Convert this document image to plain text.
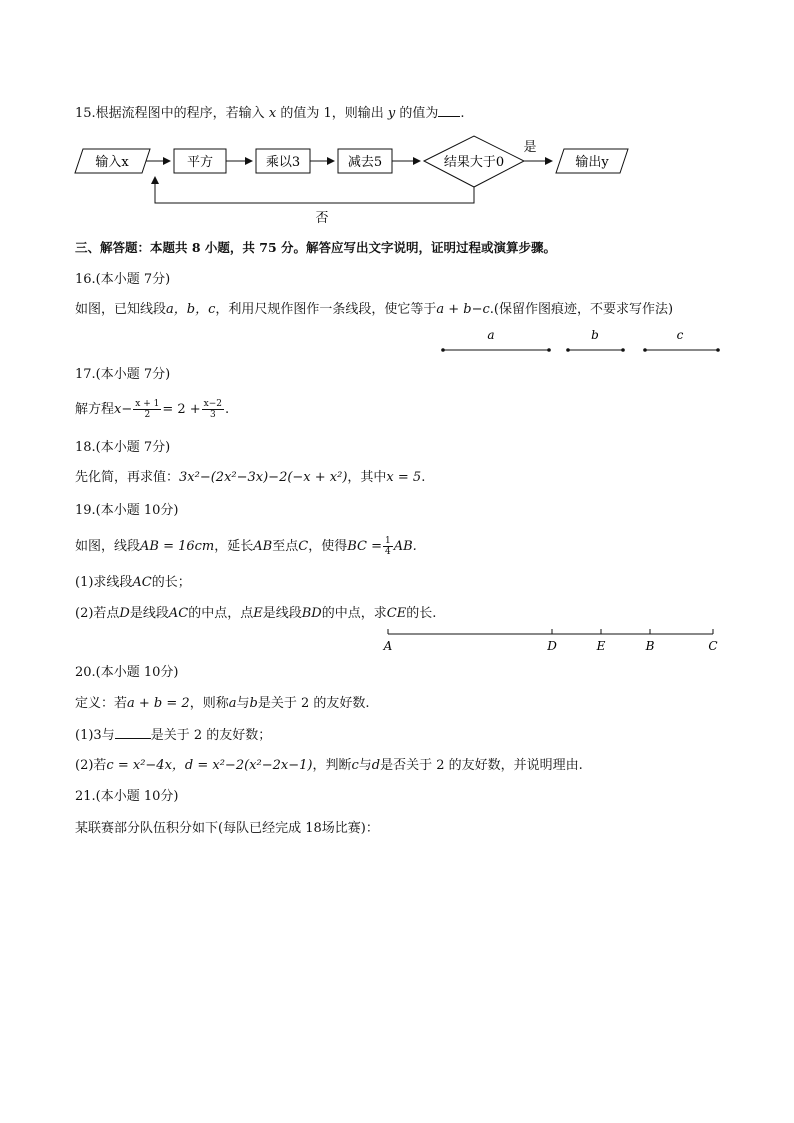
15.根据流程图中的程序，若输入 x 的值为 1，则输出 y 的值为 .
输入x	平方	乘以3	减去5	结果大于0
是
输出y
否
三、解答题：本题共 8 小题，共 75 分。解答应写出文字说明，证明过程或演算步骤。
16.(本小题 7分)
如图，已知线段a，b，c，利用尺规作图作一条线段，使它等于a + b−c.(保留作图痕迹，不要求写作法)
a	b	c
17.(本小题 7分)
解方程$x- \frac{x + 1}{2} = 2 + \frac{x-2}{3}$ .
18.(本小题 7分)
先化简，再求值：3x²−(2x²−3x)−2(−x + x²)，其中x = 5.
19.(本小题 10分)
如图，线段AB = 16cm，延长AB至点C，使得BC = $\frac{1}{4}$ AB.
(1)求线段AC的长；
(2)若点D是线段AC的中点，点E是线段BD的中点，求CE的长.
A	D	E	B	C
20.(本小题 10分)
定义：若a + b = 2，则称a与b是关于 2 的友好数.
(1)3与	是关于 2 的友好数；
(2)若c = x²−4x，d = x²−2(x²−2x−1)，判断c与d是否关于 2 的友好数，并说明理由.
21.(本小题 10分)
某联赛部分队伍积分如下(每队已经完成 18场比赛)：
